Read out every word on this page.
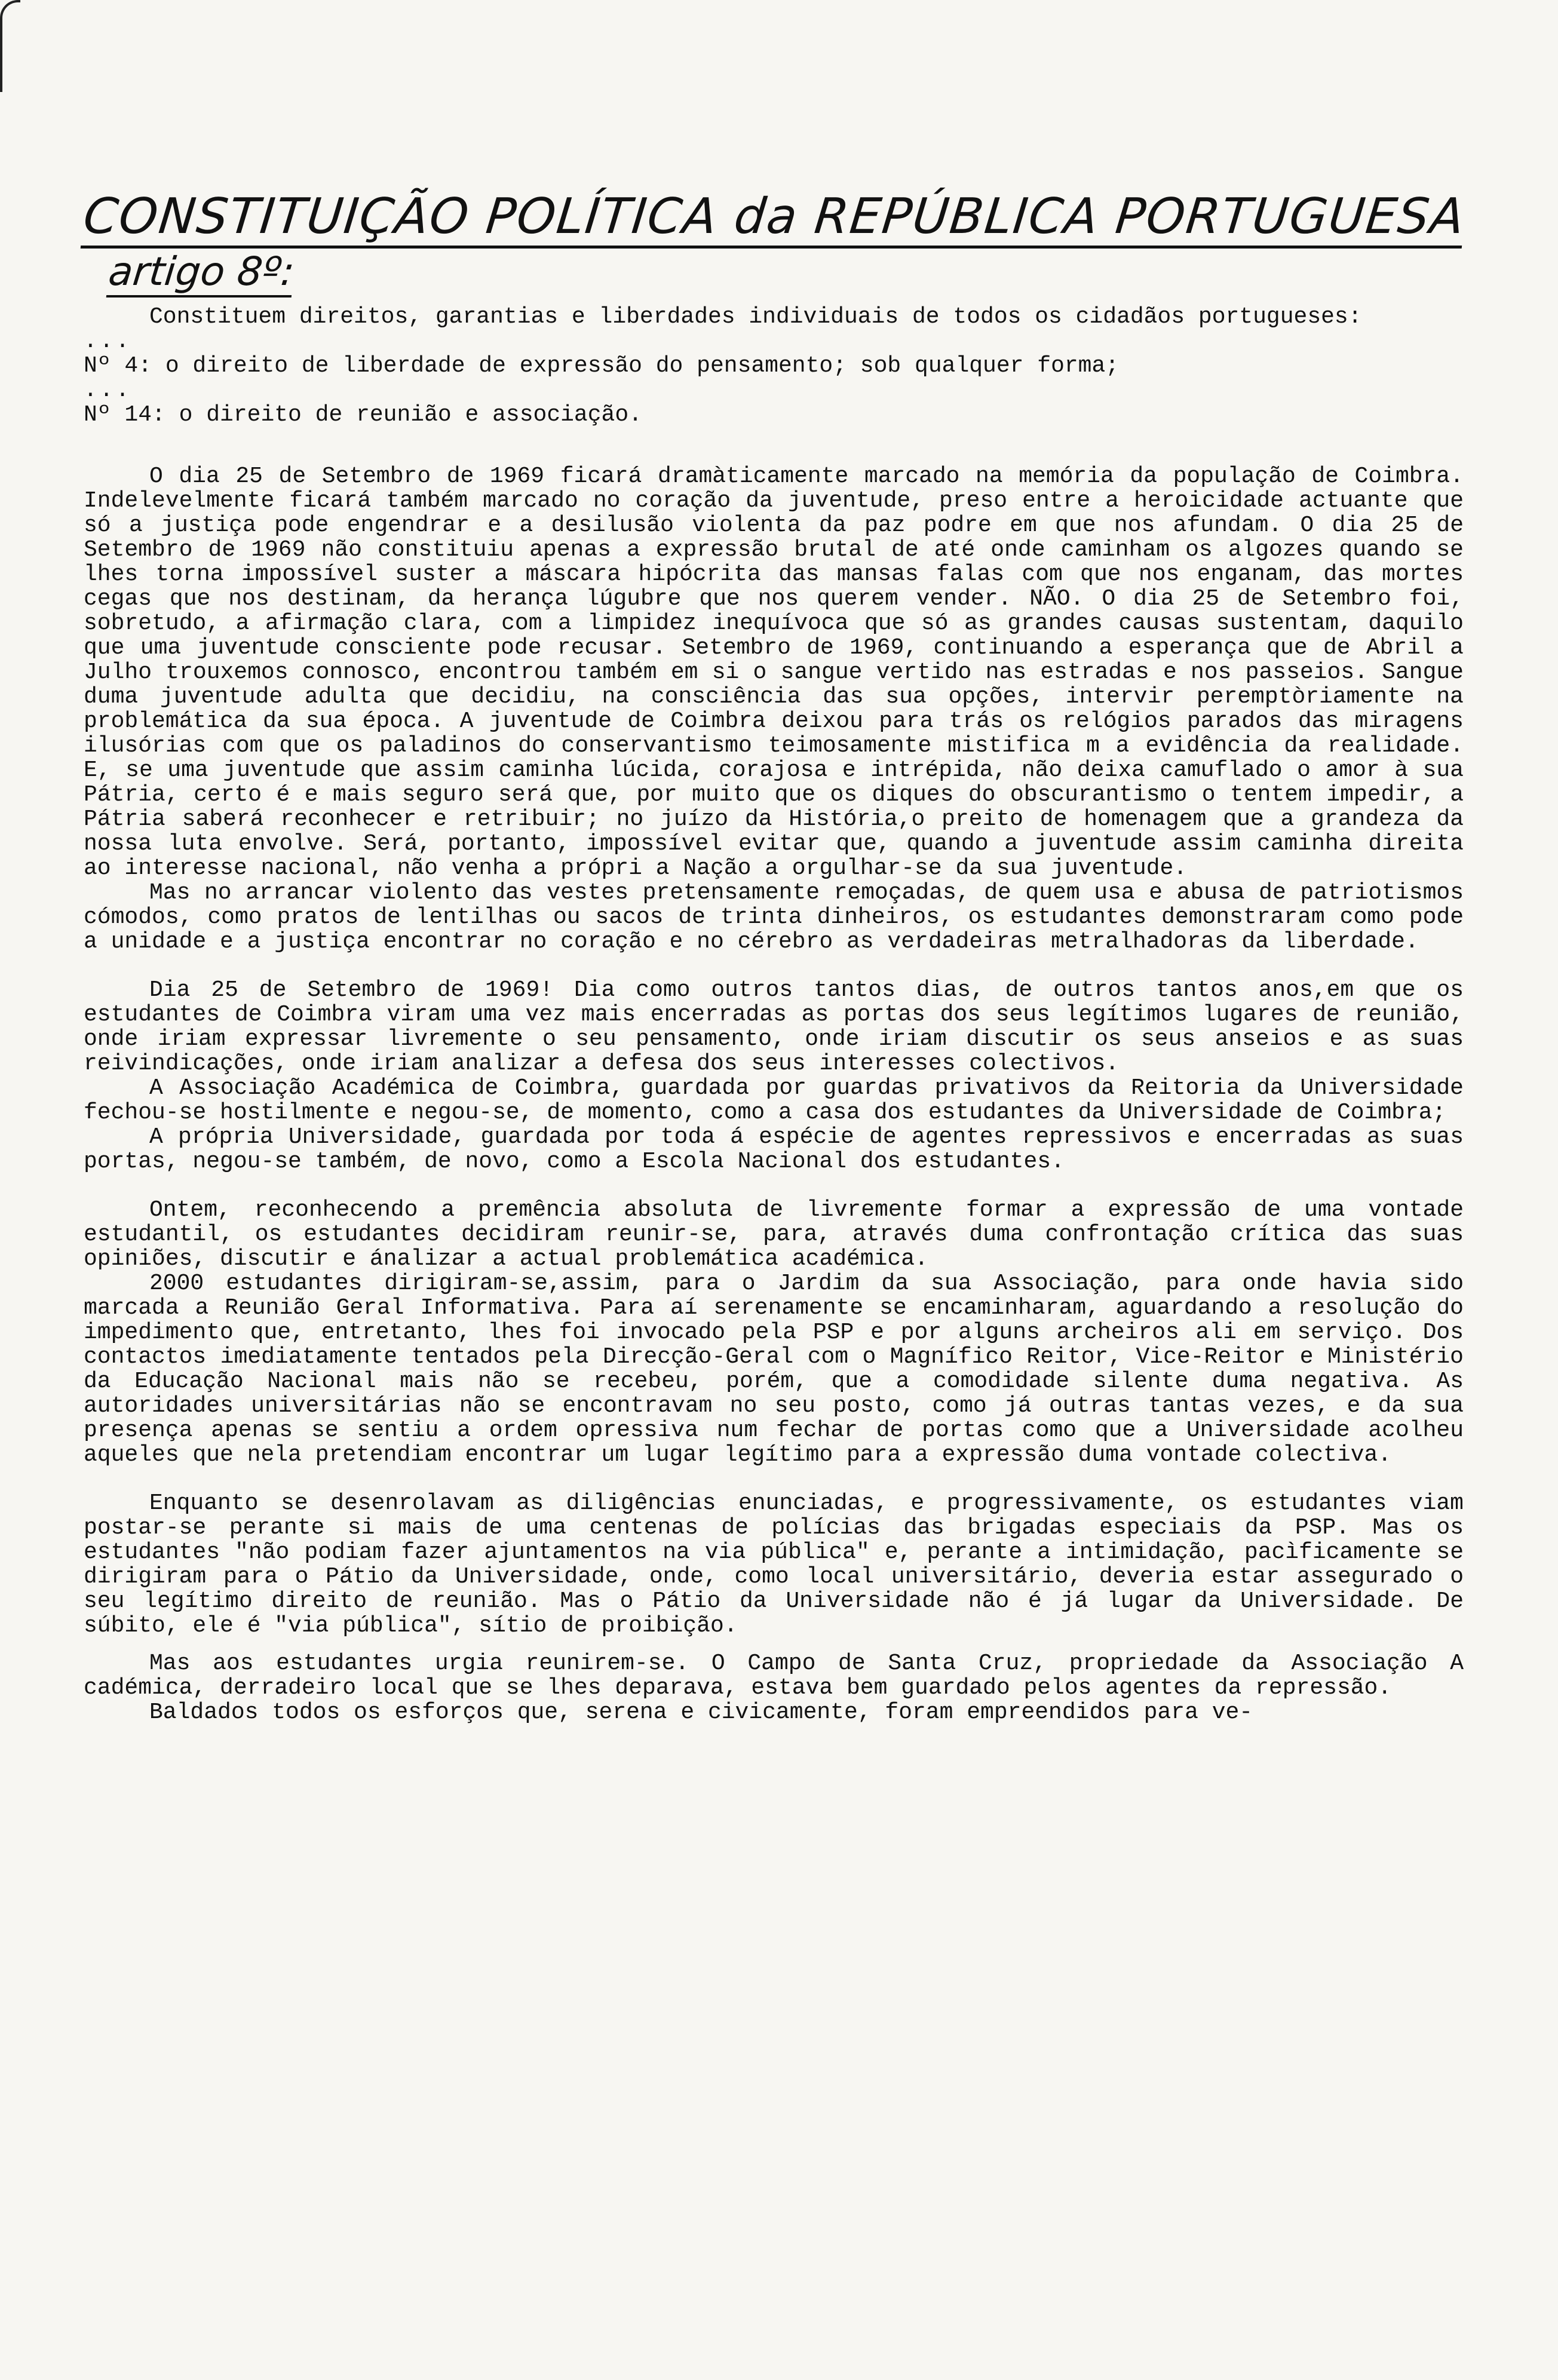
CONSTITUIÇÃO POLÍTICA da REPÚBLICA PORTUGUESA artigo 8º:

Constituem direitos, garantias e liberdades individuais de todos os cidadãos portugueses:

...

Nº 4: o direito de liberdade de expressão do pensamento; sob qualquer forma;

...

Nº 14: o direito de reunião e associação.

O dia 25 de Setembro de 1969 ficará dramàticamente marcado na memória da população de Coimbra. Indelevelmente ficará também marcado no coração da juventude, preso entre a heroicidade actuante que só a justiça pode engendrar e a desilusão violenta da paz podre em que nos afundam. O dia 25 de Setembro de 1969 não constituiu apenas a expressão brutal de até onde caminham os algozes quando se lhes torna impossível suster a máscara hipócrita das mansas falas com que nos enganam, das mortes cegas que nos destinam, da herança lúgubre que nos querem vender. NÃO. O dia 25 de Setembro foi, sobretudo, a afirmação clara, com a limpidez inequívoca que só as grandes causas sustentam, daquilo que uma juventude consciente pode recusar. Setembro de 1969, continuando a esperança que de Abril a Julho trouxemos connosco, encontrou também em si o sangue vertido nas estradas e nos passeios. Sangue duma juventude adulta que decidiu, na consciência das sua opções, intervir peremptòriamente na problemática da sua época. A juventude de Coimbra deixou para trás os relógios parados das miragens ilusórias com que os paladinos do conservantismo teimosamente mistifica m a evidência da realidade. E, se uma juventude que assim caminha lúcida, corajosa e intrépida, não deixa camuflado o amor à sua Pátria, certo é e mais seguro será que, por muito que os diques do obscurantismo o tentem impedir, a Pátria saberá reconhecer e retribuir; no juízo da História,o preito de homenagem que a grandeza da nossa luta envolve. Será, portanto, impossível evitar que, quando a juventude assim caminha direita ao interesse nacional, não venha a própri a Nação a orgulhar-se da sua juventude.

Mas no arrancar violento das vestes pretensamente remoçadas, de quem usa e abusa de patriotismos cómodos, como pratos de lentilhas ou sacos de trinta dinheiros, os estudantes demonstraram como pode a unidade e a justiça encontrar no coração e no cérebro as verdadeiras metralhadoras da liberdade.

Dia 25 de Setembro de 1969! Dia como outros tantos dias, de outros tantos anos,em que os estudantes de Coimbra viram uma vez mais encerradas as portas dos seus legítimos lugares de reunião, onde iriam expressar livremente o seu pensamento, onde iriam discutir os seus anseios e as suas reivindicações, onde iriam analizar a defesa dos seus interesses colectivos.

A Associação Académica de Coimbra, guardada por guardas privativos da Reitoria da Universidade fechou-se hostilmente e negou-se, de momento, como a casa dos estudantes da Universidade de Coimbra;

A própria Universidade, guardada por toda á espécie de agentes repressivos e encerradas as suas portas, negou-se também, de novo, como a Escola Nacional dos estudantes.

Ontem, reconhecendo a premência absoluta de livremente formar a expressão de uma vontade estudantil, os estudantes decidiram reunir-se, para, através duma confrontação crítica das suas opiniões, discutir e ánalizar a actual problemática académica.

2000 estudantes dirigiram-se,assim, para o Jardim da sua Associação, para onde havia sido marcada a Reunião Geral Informativa. Para aí serenamente se encaminharam, aguardando a resolução do impedimento que, entretanto, lhes foi invocado pela PSP e por alguns archeiros ali em serviço. Dos contactos imediatamente tentados pela Direcção-Geral com o Magnífico Reitor, Vice-Reitor e Ministério da Educação Nacional mais não se recebeu, porém, que a comodidade silente duma negativa. As autoridades universitárias não se encontravam no seu posto, como já outras tantas vezes, e da sua presença apenas se sentiu a ordem opressiva num fechar de portas como que a Universidade acolheu aqueles que nela pretendiam encontrar um lugar legítimo para a expressão duma vontade colectiva.

Enquanto se desenrolavam as diligências enunciadas, e progressivamente, os estudantes viam postar-se perante si mais de uma centenas de polícias das brigadas especiais da PSP. Mas os estudantes "não podiam fazer ajuntamentos na via pública" e, perante a intimidação, pacìficamente se dirigiram para o Pátio da Universidade, onde, como local universitário, deveria estar assegurado o seu legítimo direito de reunião. Mas o Pátio da Universidade não é já lugar da Universidade. De súbito, ele é "via pública", sítio de proibição.

Mas aos estudantes urgia reunirem-se. O Campo de Santa Cruz, propriedade da Associação A cadémica, derradeiro local que se lhes deparava, estava bem guardado pelos agentes da repressão.

Baldados todos os esforços que, serena e civicamente, foram empreendidos para ve-
